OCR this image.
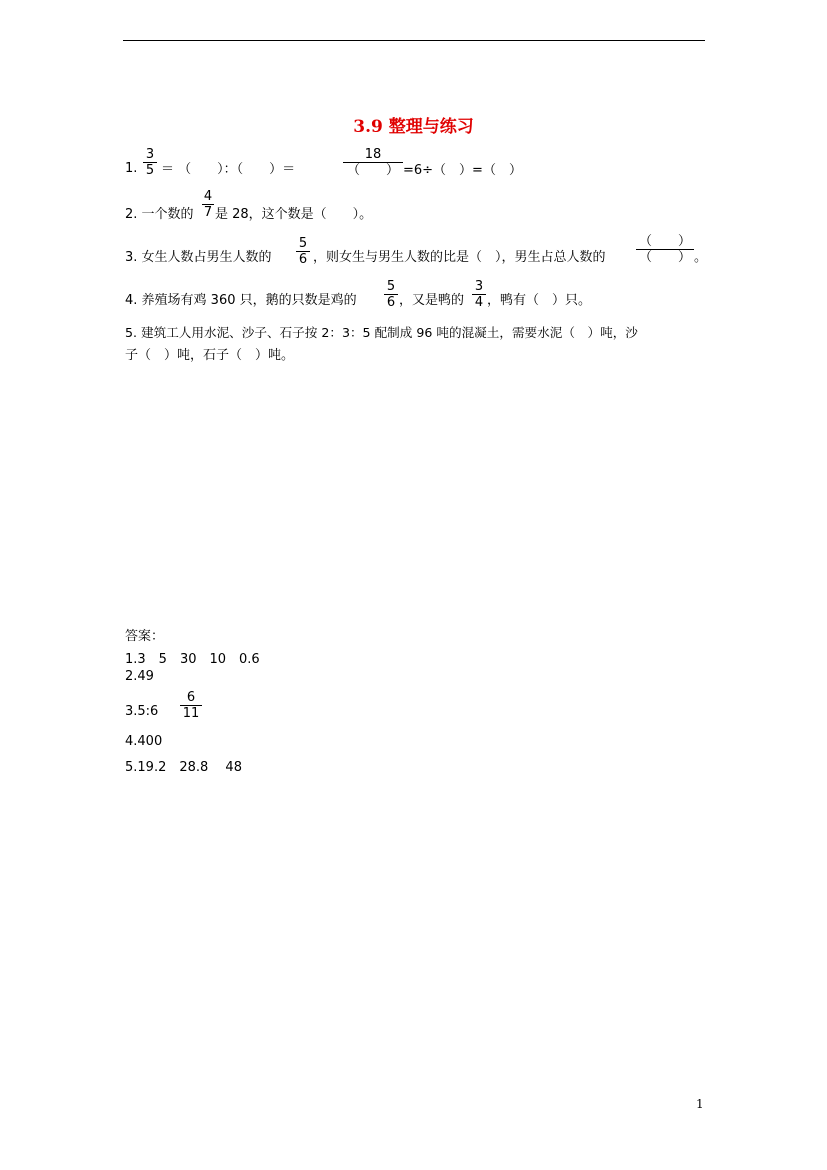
3.9 整理与练习
1.
3
5 ＝ （　　）：（　　）＝
18
（　　） =6÷（　）=（　）
2. 一个数的
4
7 是 28，这个数是（　　）。
3. 女生人数占男生人数的
5
6 ，则女生与男生人数的比是（　），男生占总人数的
（　　）
（　　） 。
4. 养殖场有鸡 360 只，鹅的只数是鸡的
5
6 ，又是鸭的
3
4 ，鸭有（　）只。
5. 建筑工人用水泥、沙子、石子按 2：3：5 配制成 96 吨的混凝土，需要水泥（　）吨，沙
子（　）吨，石子（　）吨。
答案：
1.3　5　30　10　0.6
2.49
3.5:6
6
11
4.400
5.19.2　28.8　 48
1
